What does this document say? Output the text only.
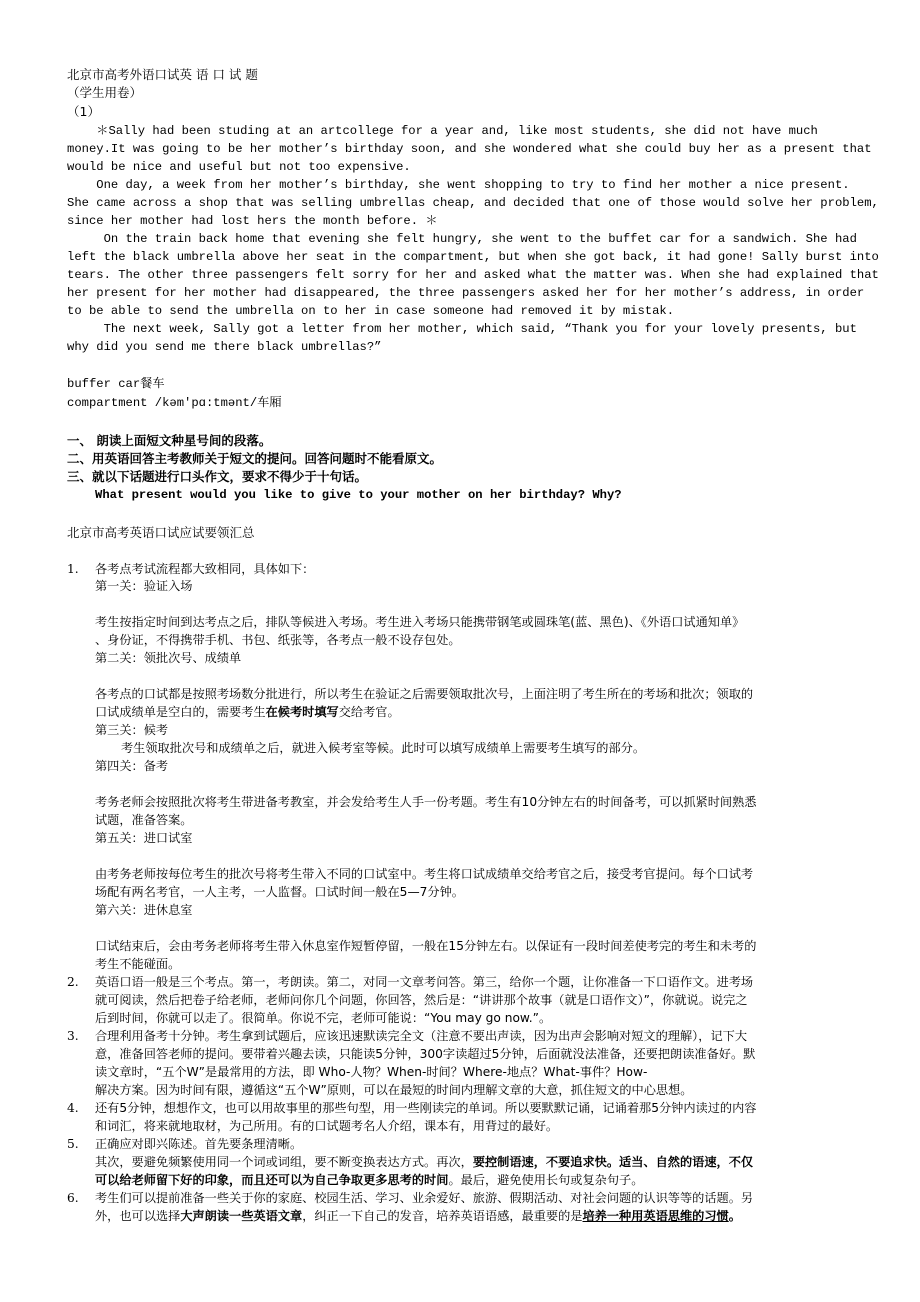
北京市高考外语口试英 语 口 试 题
（学生用卷）
（1）
＊Sally had been studing at an artcollege for a year and, like most students, she did not have much
money.It was going to be her mother’s birthday soon, and she wondered what she could buy her as a present that
would be nice and useful but not too expensive.
One day, a week from her mother’s birthday, she went shopping to try to find her mother a nice present.
She came across a shop that was selling umbrellas cheap, and decided that one of those would solve her problem,
since her mother had lost hers the month before. ＊
On the train back home that evening she felt hungry, she went to the buffet car for a sandwich. She had
left the black umbrella above her seat in the compartment, but when she got back, it had gone! Sally burst into
tears. The other three passengers felt sorry for her and asked what the matter was. When she had explained that
her present for her mother had disappeared, the three passengers asked her for her mother’s address, in order
to be able to send the umbrella on to her in case someone had removed it by mistak.
The next week, Sally got a letter from her mother, which said, “Thank you for your lovely presents, but
why did you send me there black umbrellas?”
buffer car餐车
compartment /kəm'pɑ:tmənt/车厢
一、 朗读上面短文种星号间的段落。
二、用英语回答主考教师关于短文的提问。回答问题时不能看原文。
三、就以下话题进行口头作文，要求不得少于十句话。
What present would you like to give to your mother on her birthday? Why?
北京市高考英语口试应试要领汇总
1. 各考点考试流程都大致相同，具体如下：
第一关：验证入场
考生按指定时间到达考点之后，排队等候进入考场。考生进入考场只能携带钢笔或圆珠笔(蓝、黑色)、《外语口试通知单》
、身份证，不得携带手机、书包、纸张等，各考点一般不设存包处。
第二关：领批次号、成绩单
各考点的口试都是按照考场数分批进行，所以考生在验证之后需要领取批次号，上面注明了考生所在的考场和批次；领取的
口试成绩单是空白的，需要考生在候考时填写交给考官。
第三关：候考
考生领取批次号和成绩单之后，就进入候考室等候。此时可以填写成绩单上需要考生填写的部分。
第四关：备考
考务老师会按照批次将考生带进备考教室，并会发给考生人手一份考题。考生有10分钟左右的时间备考，可以抓紧时间熟悉
试题，准备答案。
第五关：进口试室
由考务老师按每位考生的批次号将考生带入不同的口试室中。考生将口试成绩单交给考官之后，接受考官提问。每个口试考
场配有两名考官，一人主考，一人监督。口试时间一般在5—7分钟。
第六关：进休息室
口试结束后，会由考务老师将考生带入休息室作短暂停留，一般在15分钟左右。以保证有一段时间差使考完的考生和未考的
考生不能碰面。
2. 英语口语一般是三个考点。第一，考朗读。第二，对同一文章考问答。第三，给你一个题，让你准备一下口语作文。进考场
就可阅读，然后把卷子给老师，老师问你几个问题，你回答，然后是：“讲讲那个故事（就是口语作文）”，你就说。说完之
后到时间，你就可以走了。很简单。你说不完，老师可能说：“You may go now.”。
3. 合理利用备考十分钟。考生拿到试题后，应该迅速默读完全文（注意不要出声读，因为出声会影响对短文的理解），记下大
意，准备回答老师的提问。要带着兴趣去读，只能读5分钟，300字读超过5分钟，后面就没法准备，还要把朗读准备好。默
读文章时，“五个W”是最常用的方法，即 Who-人物？When-时间？Where-地点？What-事件？How-
解决方案。因为时间有限，遵循这“五个W”原则，可以在最短的时间内理解文章的大意，抓住短文的中心思想。
4. 还有5分钟，想想作文，也可以用故事里的那些句型，用一些刚读完的单词。所以要默默记诵，记诵着那5分钟内读过的内容
和词汇，将来就地取材，为己所用。有的口试题考名人介绍，课本有，用背过的最好。
5. 正确应对即兴陈述。首先要条理清晰。
其次，要避免频繁使用同一个词或词组，要不断变换表达方式。再次，要控制语速，不要追求快。适当、自然的语速，不仅
可以给老师留下好的印象，而且还可以为自己争取更多思考的时间。最后，避免使用长句或复杂句子。
6. 考生们可以提前准备一些关于你的家庭、校园生活、学习、业余爱好、旅游、假期活动、对社会问题的认识等等的话题。另
外，也可以选择大声朗读一些英语文章，纠正一下自己的发音，培养英语语感，最重要的是培养一种用英语思维的习惯。
